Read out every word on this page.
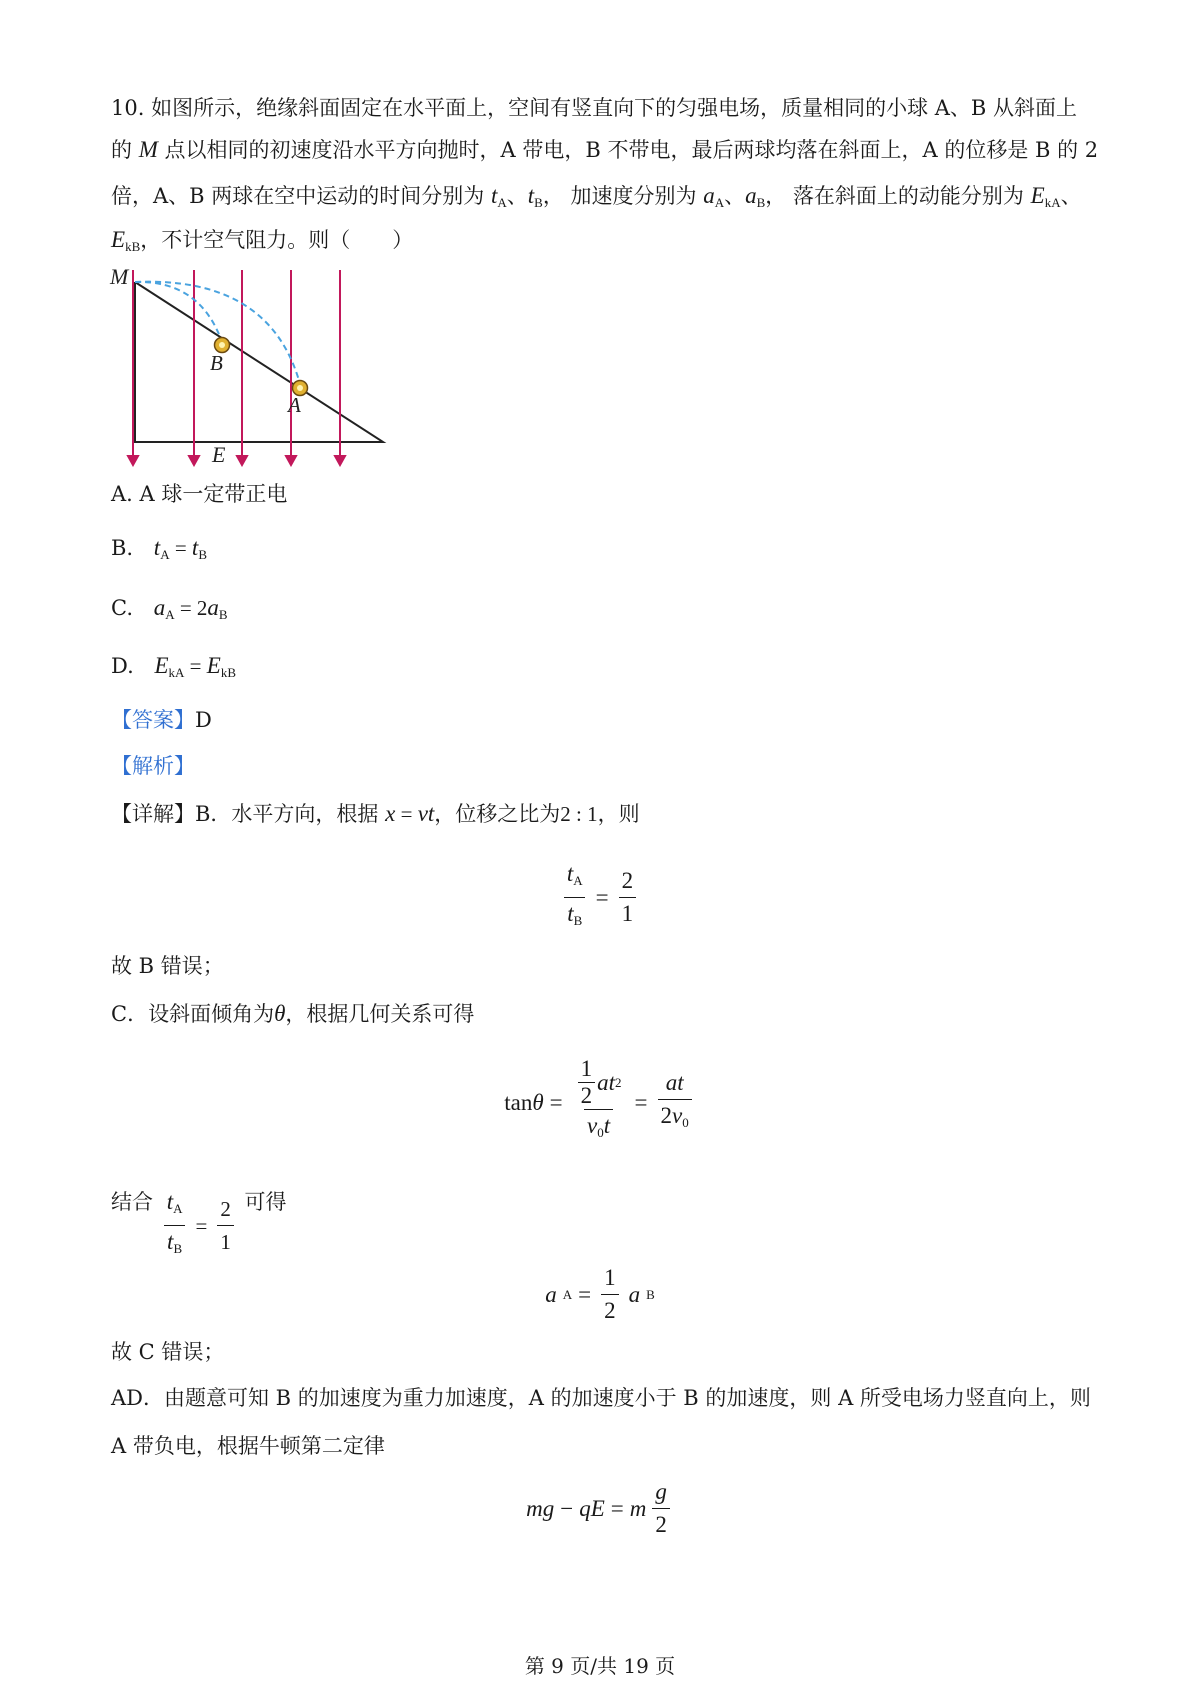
10. 如图所示，绝缘斜面固定在水平面上，空间有竖直向下的匀强电场，质量相同的小球 A、B 从斜面上
的 M 点以相同的初速度沿水平方向抛时，A 带电，B 不带电，最后两球均落在斜面上，A 的位移是 B 的 2
倍，A、B 两球在空中运动的时间分别为 $t_A$、$t_B$， 加速度分别为 $a_A$、$a_B$， 落在斜面上的动能分别为 $E_{kA}$、
$E_{kB}$，不计空气阻力。则（　　）
M
B
A
E
A. A 球一定带正电
B. $t_A = t_B$
C. $a_A = 2a_B$
D. $E_{kA} = E_{kB}$
【答案】D
【解析】
【详解】B．水平方向，根据 x = vt，位移之比为2 : 1，则
$\frac{t_A}{t_B} = \frac{2}{1}$
故 B 错误；
C．设斜面倾角为θ，根据几何关系可得
$\tan\theta = \frac{\frac{1}{2} at 2}{v_0t} = \frac{at}{2v_0}$
结合 $\frac{t_A}{t_B} = \frac{2}{1}$ 可得
a $A = \frac{1}{2}$ a B
故 C 错误；
AD．由题意可知 B 的加速度为重力加速度，A 的加速度小于 B 的加速度，则 A 所受电场力竖直向上，则
A 带负电，根据牛顿第二定律
mg − qE = m $\frac{g}{2}$
第 9 页/共 19 页
